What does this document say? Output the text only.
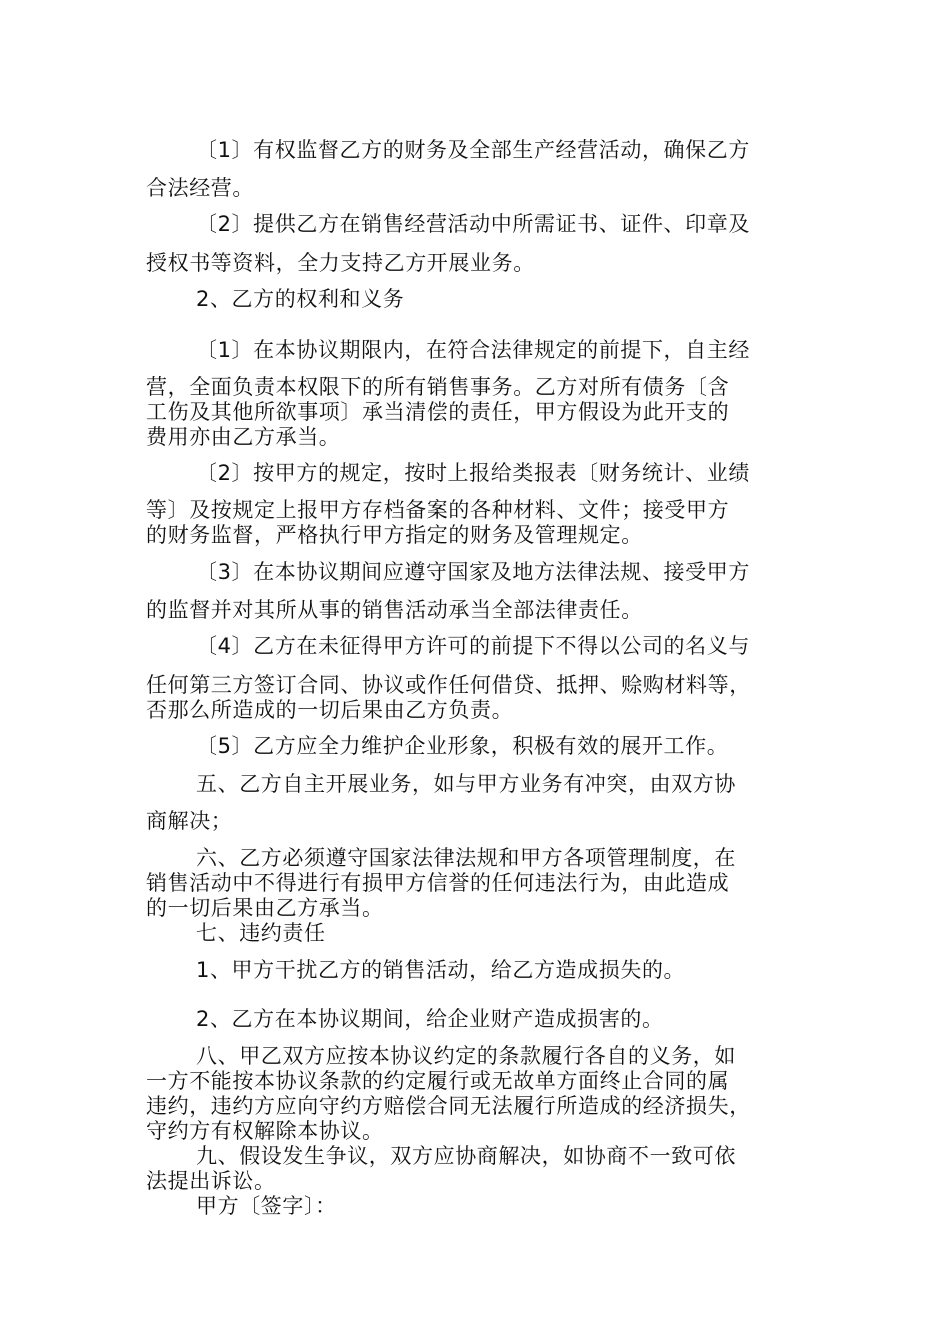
〔1〕有权监督乙方的财务及全部生产经营活动，确保乙方
合法经营。
〔2〕提供乙方在销售经营活动中所需证书、证件、印章及
授权书等资料，全力支持乙方开展业务。
2、乙方的权利和义务
〔1〕在本协议期限内，在符合法律规定的前提下，自主经
营，全面负责本权限下的所有销售事务。乙方对所有债务〔含
工伤及其他所欲事项〕承当清偿的责任，甲方假设为此开支的
费用亦由乙方承当。
〔2〕按甲方的规定，按时上报给类报表〔财务统计、业绩
等〕及按规定上报甲方存档备案的各种材料、文件；接受甲方
的财务监督，严格执行甲方指定的财务及管理规定。
〔3〕在本协议期间应遵守国家及地方法律法规、接受甲方
的监督并对其所从事的销售活动承当全部法律责任。
〔4〕乙方在未征得甲方许可的前提下不得以公司的名义与
任何第三方签订合同、协议或作任何借贷、抵押、赊购材料等，
否那么所造成的一切后果由乙方负责。
〔5〕乙方应全力维护企业形象，积极有效的展开工作。
五、乙方自主开展业务，如与甲方业务有冲突，由双方协
商解决；
六、乙方必须遵守国家法律法规和甲方各项管理制度，在
销售活动中不得进行有损甲方信誉的任何违法行为，由此造成
的一切后果由乙方承当。
七、违约责任
1、甲方干扰乙方的销售活动，给乙方造成损失的。
2、乙方在本协议期间，给企业财产造成损害的。
八、甲乙双方应按本协议约定的条款履行各自的义务，如
一方不能按本协议条款的约定履行或无故单方面终止合同的属
违约，违约方应向守约方赔偿合同无法履行所造成的经济损失，
守约方有权解除本协议。
九、假设发生争议，双方应协商解决，如协商不一致可依
法提出诉讼。
甲方〔签字〕：
